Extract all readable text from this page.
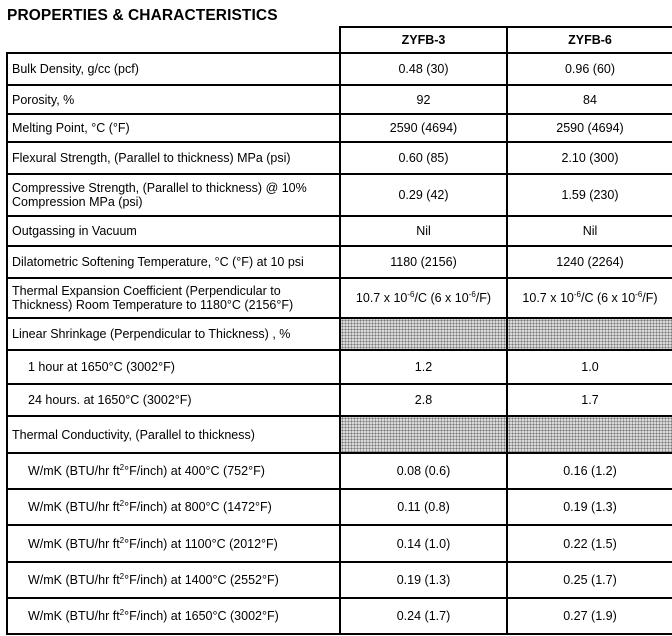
PROPERTIES & CHARACTERISTICS
	ZYFB-3	ZYFB-6
Bulk Density, g/cc (pcf)	0.48 (30)	0.96 (60)
Porosity, %	92	84
Melting Point, °C (°F)	2590 (4694)	2590 (4694)
Flexural Strength, (Parallel to thickness) MPa (psi)	0.60 (85)	2.10 (300)
Compressive Strength, (Parallel to thickness) @ 10% Compression MPa (psi)	0.29 (42)	1.59 (230)
Outgassing in Vacuum	Nil	Nil
Dilatometric Softening Temperature, °C (°F) at 10 psi	1180 (2156)	1240 (2264)
Thermal Expansion Coefficient (Perpendicular to Thickness) Room Temperature to 1180°C (2156°F)	10.7 x $10^{-6}/C$ (6 x $10^{-6}/F$)	10.7 x $10^{-6}/C$ (6 x $10^{-6}/F$)
Linear Shrinkage (Perpendicular to Thickness) , %		
1 hour at 1650°C (3002°F)	1.2	1.0
24 hours. at 1650°C (3002°F)	2.8	1.7
Thermal Conductivity, (Parallel to thickness)		
W/mK (BTU/hr $ft^2^\circ F/inch$) at 400°C (752°F)	0.08 (0.6)	0.16 (1.2)
W/mK (BTU/hr $ft^2^\circ F/inch$) at 800°C (1472°F)	0.11 (0.8)	0.19 (1.3)
W/mK (BTU/hr $ft^2^\circ F/inch$) at 1100°C (2012°F)	0.14 (1.0)	0.22 (1.5)
W/mK (BTU/hr $ft^2^\circ F/inch$) at 1400°C (2552°F)	0.19 (1.3)	0.25 (1.7)
W/mK (BTU/hr $ft^2^\circ F/inch$) at 1650°C (3002°F)	0.24 (1.7)	0.27 (1.9)
